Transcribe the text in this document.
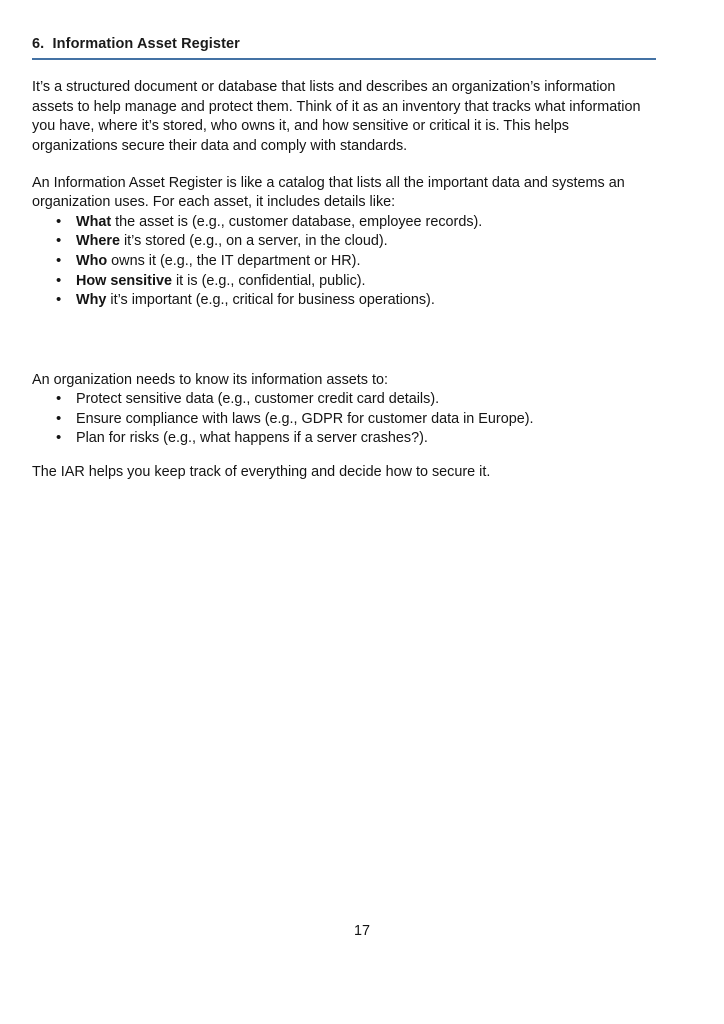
6.  Information Asset Register

It’s a structured document or database that lists and describes an organization’s information assets to help manage and protect them. Think of it as an inventory that tracks what information you have, where it’s stored, who owns it, and how sensitive or critical it is. This helps organizations secure their data and comply with standards.

An Information Asset Register is like a catalog that lists all the important data and systems an organization uses. For each asset, it includes details like:

• What the asset is (e.g., customer database, employee records).
• Where it’s stored (e.g., on a server, in the cloud).
• Who owns it (e.g., the IT department or HR).
• How sensitive it is (e.g., confidential, public).
• Why it’s important (e.g., critical for business operations).

An organization needs to know its information assets to:

• Protect sensitive data (e.g., customer credit card details).
• Ensure compliance with laws (e.g., GDPR for customer data in Europe).
• Plan for risks (e.g., what happens if a server crashes?).

The IAR helps you keep track of everything and decide how to secure it.

17
